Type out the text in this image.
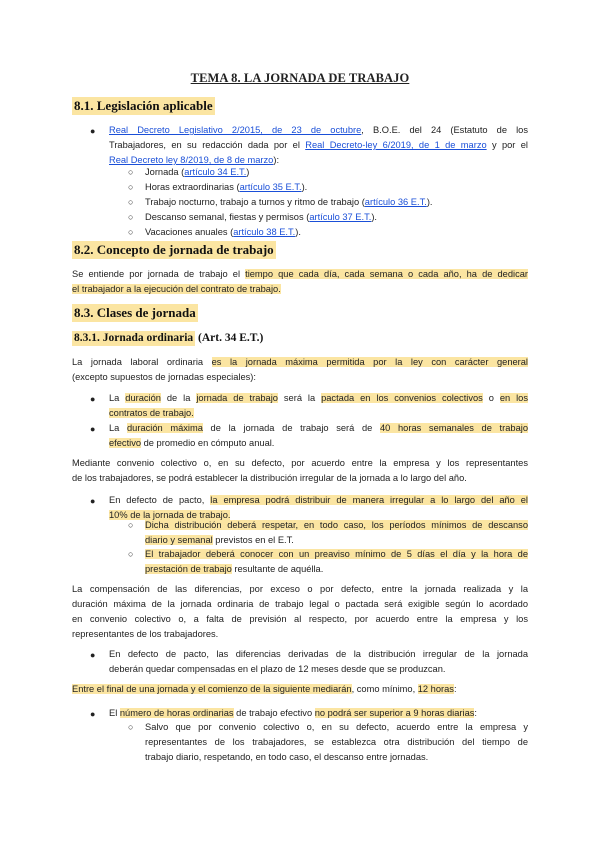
TEMA 8. LA JORNADA DE TRABAJO
8.1. Legislación aplicable
● Real Decreto Legislativo 2/2015, de 23 de octubre, B.O.E. del 24 (Estatuto de los
Trabajadores, en su redacción dada por el Real Decreto-ley 6/2019, de 1 de marzo y por el
Real Decreto ley 8/2019, de 8 de marzo):
○ Jornada (artículo 34 E.T.)
○ Horas extraordinarias (artículo 35 E.T.).
○ Trabajo nocturno, trabajo a turnos y ritmo de trabajo (artículo 36 E.T.).
○ Descanso semanal, fiestas y permisos (artículo 37 E.T.).
○ Vacaciones anuales (artículo 38 E.T.).
8.2. Concepto de jornada de trabajo
Se entiende por jornada de trabajo el tiempo que cada día, cada semana o cada año, ha de dedicar
el trabajador a la ejecución del contrato de trabajo.
8.3. Clases de jornada
8.3.1. Jornada ordinaria (Art. 34 E.T.)
La jornada laboral ordinaria es la jornada máxima permitida por la ley con carácter general
(excepto supuestos de jornadas especiales):
● La duración de la jornada de trabajo será la pactada en los convenios colectivos o en los
contratos de trabajo.
● La duración máxima de la jornada de trabajo será de 40 horas semanales de trabajo
efectivo de promedio en cómputo anual.
Mediante convenio colectivo o, en su defecto, por acuerdo entre la empresa y los representantes
de los trabajadores, se podrá establecer la distribución irregular de la jornada a lo largo del año.
● En defecto de pacto, la empresa podrá distribuir de manera irregular a lo largo del año el
10% de la jornada de trabajo.
○ Dicha distribución deberá respetar, en todo caso, los períodos mínimos de descanso
diario y semanal previstos en el E.T.
○ El trabajador deberá conocer con un preaviso mínimo de 5 días el día y la hora de
prestación de trabajo resultante de aquélla.
La compensación de las diferencias, por exceso o por defecto, entre la jornada realizada y la
duración máxima de la jornada ordinaria de trabajo legal o pactada será exigible según lo acordado
en convenio colectivo o, a falta de previsión al respecto, por acuerdo entre la empresa y los
representantes de los trabajadores.
● En defecto de pacto, las diferencias derivadas de la distribución irregular de la jornada
deberán quedar compensadas en el plazo de 12 meses desde que se produzcan.
Entre el final de una jornada y el comienzo de la siguiente mediarán, como mínimo, 12 horas:
● El número de horas ordinarias de trabajo efectivo no podrá ser superior a 9 horas diarias:
○ Salvo que por convenio colectivo o, en su defecto, acuerdo entre la empresa y
representantes de los trabajadores, se establezca otra distribución del tiempo de
trabajo diario, respetando, en todo caso, el descanso entre jornadas.
